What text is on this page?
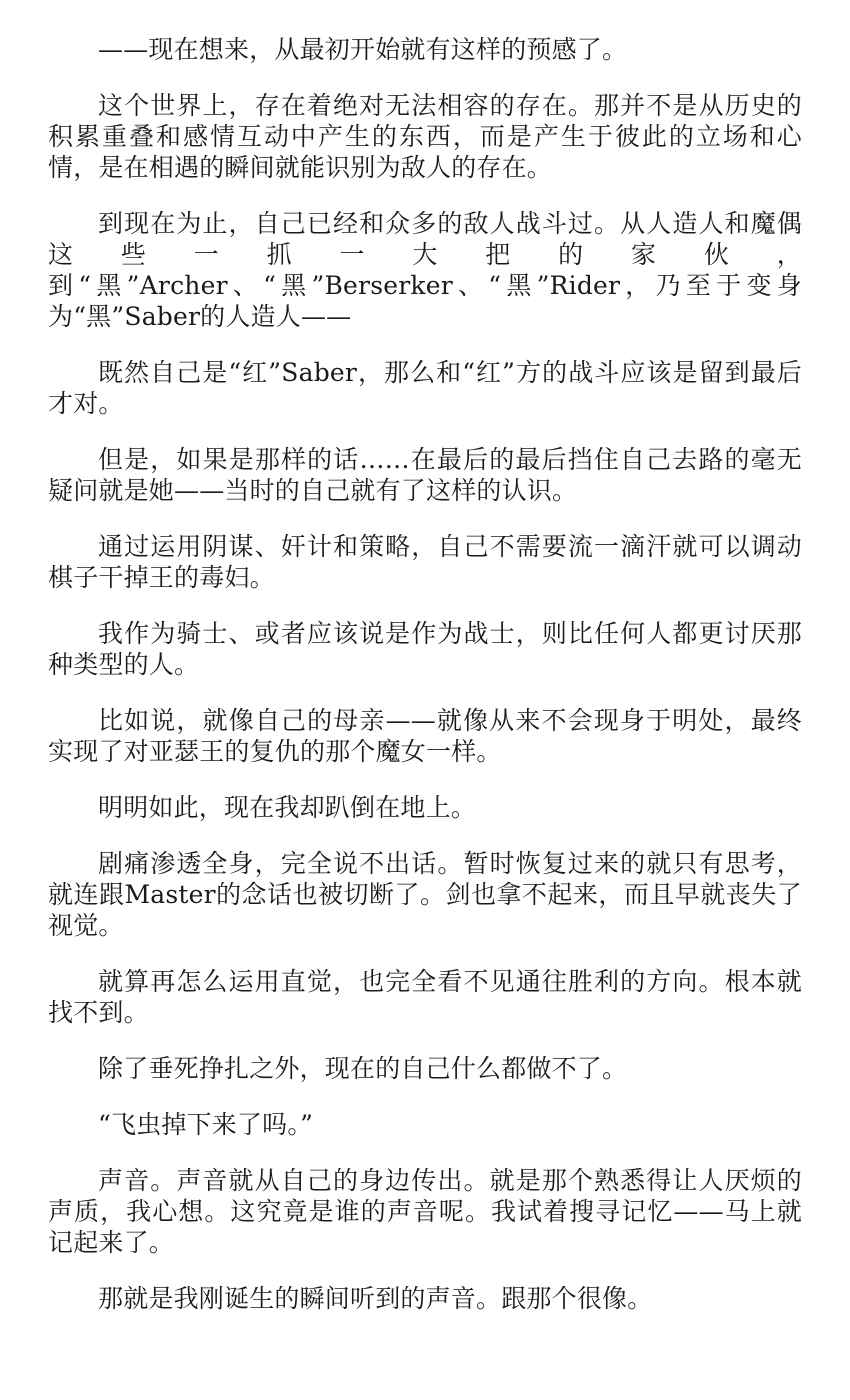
——现在想来，从最初开始就有这样的预感了。

这个世界上，存在着绝对无法相容的存在。那并不是从历史的积累重叠和感情互动中产生的东西，而是产生于彼此的立场和心情，是在相遇的瞬间就能识别为敌人的存在。

到现在为止，自己已经和众多的敌人战斗过。从人造人和魔偶这些一抓一大把的家伙，到“黑”Archer、“黑”Berserker、“黑”Rider，乃至于变身为“黑”Saber的人造人——

既然自己是“红”Saber，那么和“红”方的战斗应该是留到最后才对。

但是，如果是那样的话……在最后的最后挡住自己去路的毫无疑问就是她——当时的自己就有了这样的认识。

通过运用阴谋、奸计和策略，自己不需要流一滴汗就可以调动棋子干掉王的毒妇。

我作为骑士、或者应该说是作为战士，则比任何人都更讨厌那种类型的人。

比如说，就像自己的母亲——就像从来不会现身于明处，最终实现了对亚瑟王的复仇的那个魔女一样。

明明如此，现在我却趴倒在地上。

剧痛渗透全身，完全说不出话。暂时恢复过来的就只有思考，就连跟Master的念话也被切断了。剑也拿不起来，而且早就丧失了视觉。

就算再怎么运用直觉，也完全看不见通往胜利的方向。根本就找不到。

除了垂死挣扎之外，现在的自己什么都做不了。

“飞虫掉下来了吗。”

声音。声音就从自己的身边传出。就是那个熟悉得让人厌烦的声质，我心想。这究竟是谁的声音呢。我试着搜寻记忆——马上就记起来了。

那就是我刚诞生的瞬间听到的声音。跟那个很像。
